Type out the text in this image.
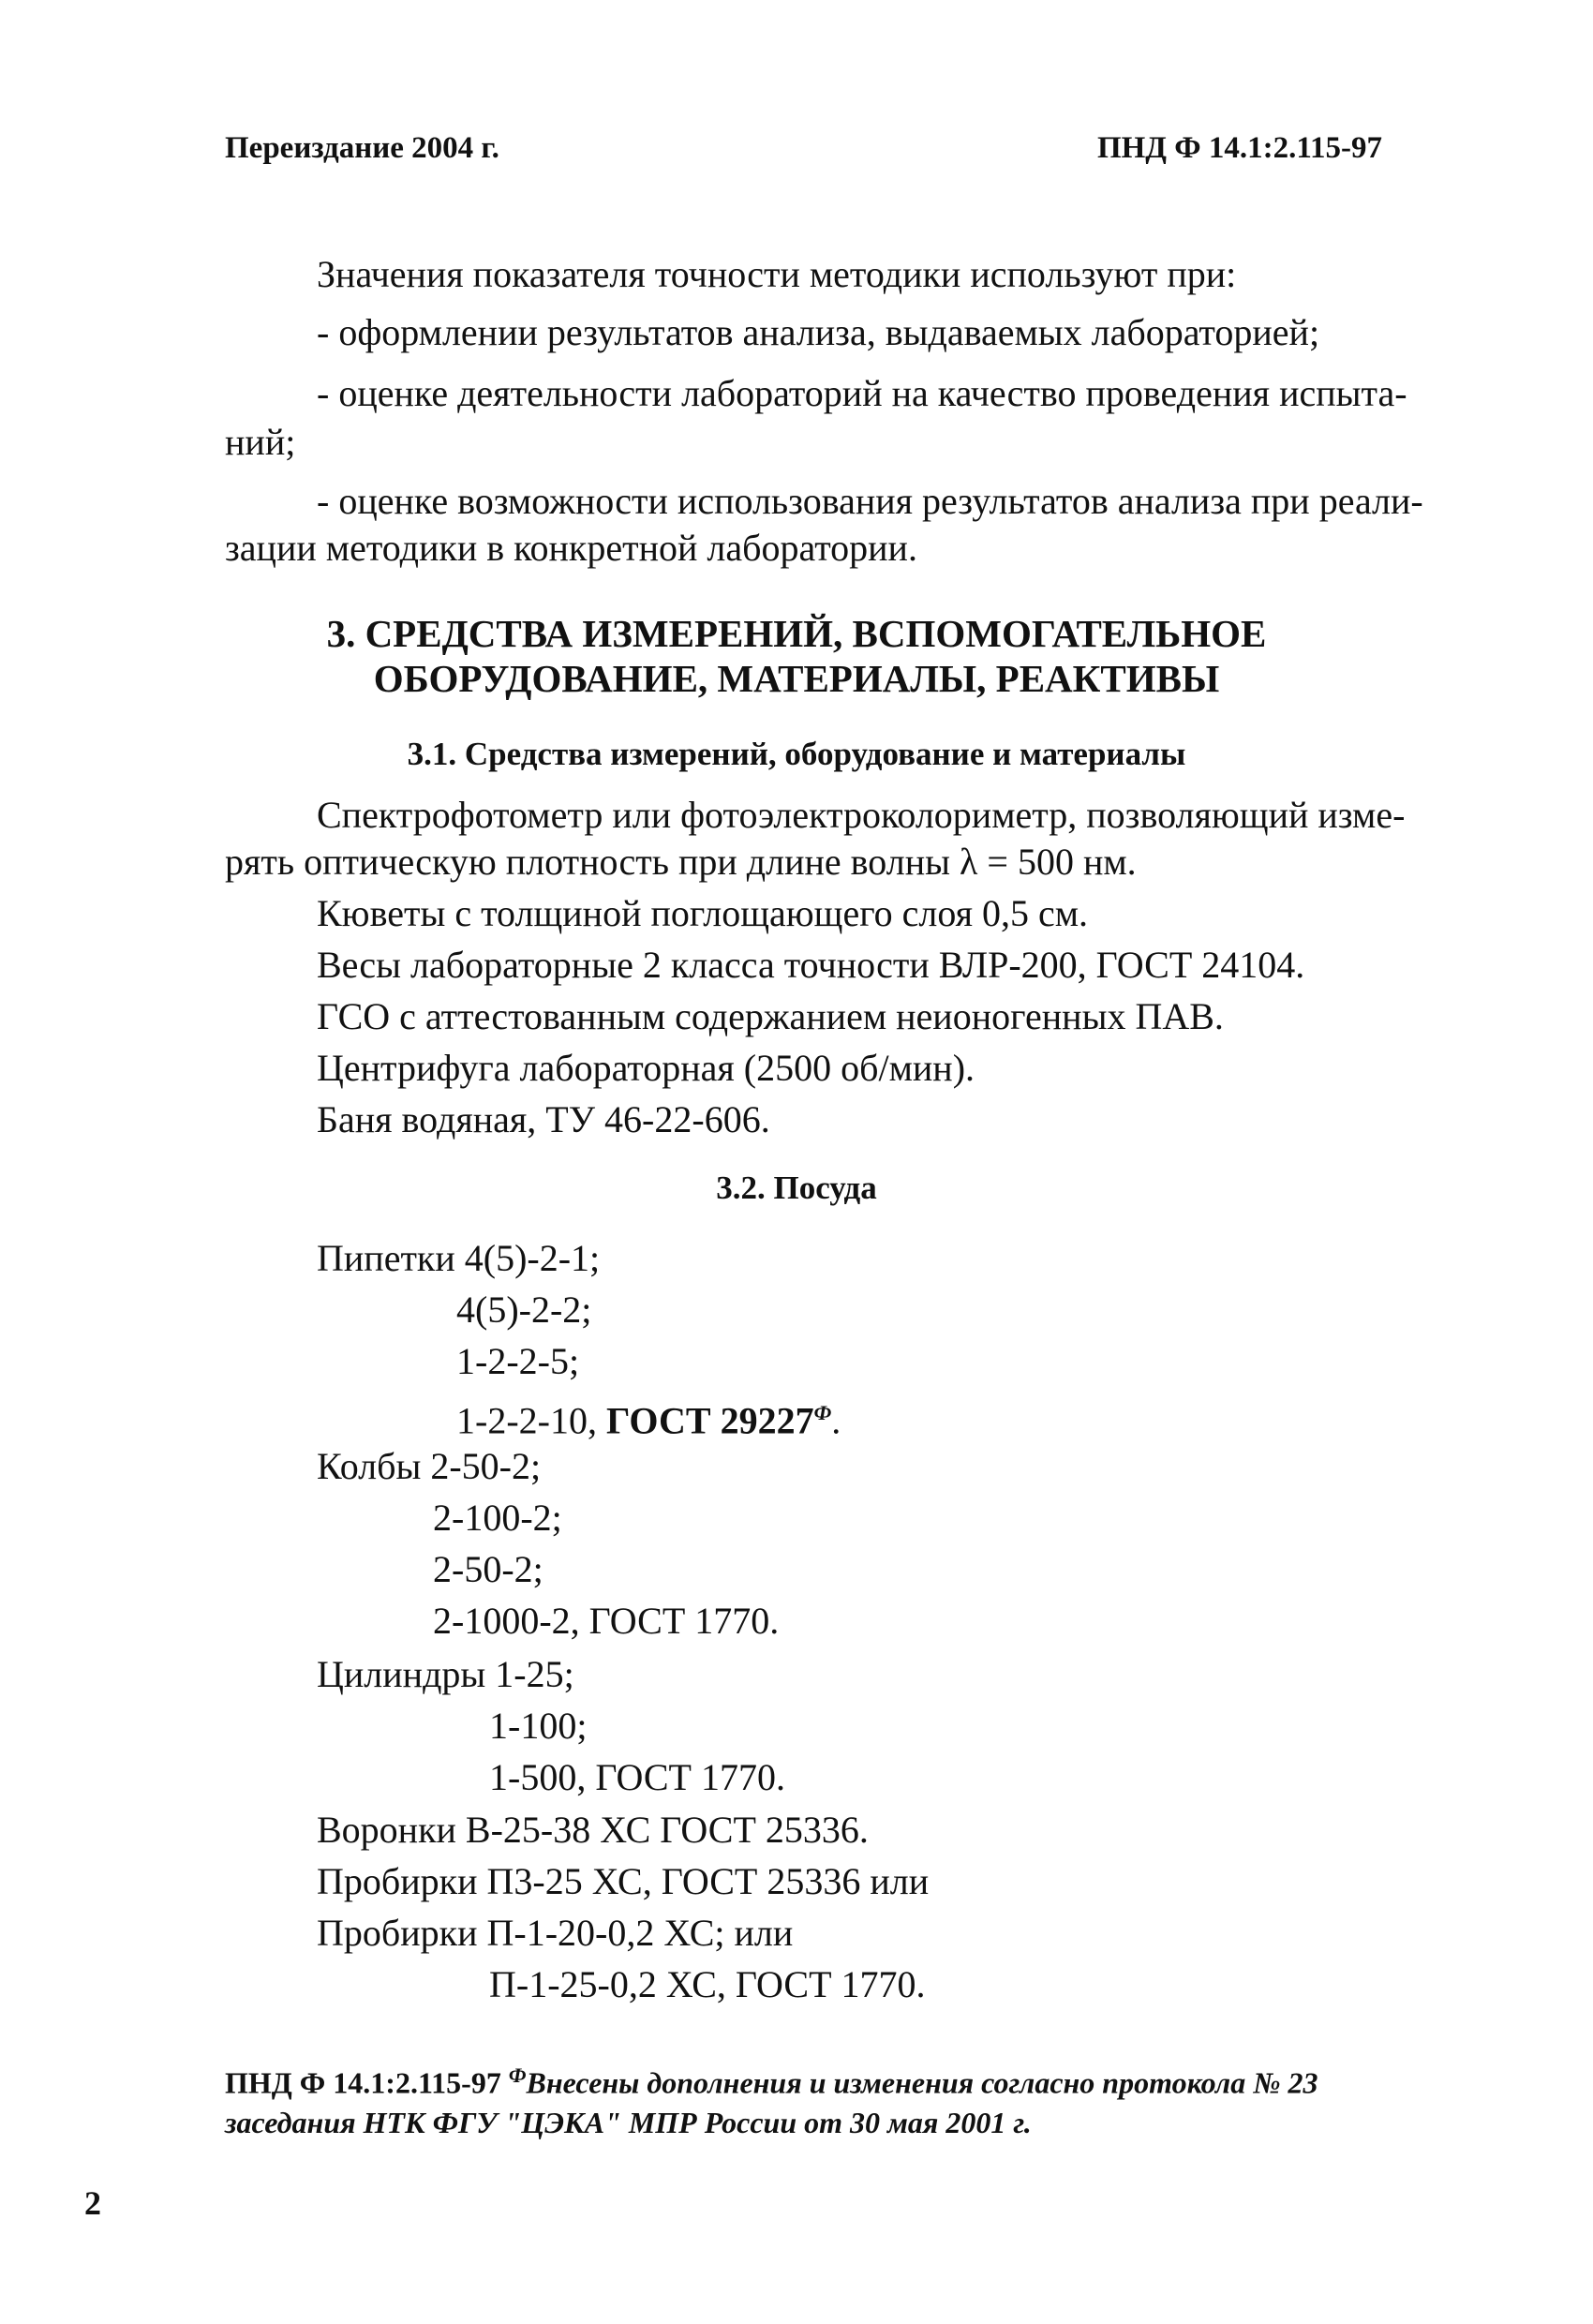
Переиздание 2004 г.	ПНД Ф 14.1:2.115-97
Значения показателя точности методики используют при:
- оформлении результатов анализа, выдаваемых лабораторией;
- оценке деятельности лабораторий на качество проведения испыта-
ний;
- оценке возможности использования результатов анализа при реали-
зации методики в конкретной лаборатории.
3. СРЕДСТВА ИЗМЕРЕНИЙ, ВСПОМОГАТЕЛЬНОЕ
ОБОРУДОВАНИЕ, МАТЕРИАЛЫ, РЕАКТИВЫ
3.1. Средства измерений, оборудование и материалы
Спектрофотометр или фотоэлектроколориметр, позволяющий изме-
рять оптическую плотность при длине волны λ = 500 нм.
Кюветы с толщиной поглощающего слоя 0,5 см.
Весы лабораторные 2 класса точности ВЛР-200, ГОСТ 24104.
ГСО с аттестованным содержанием неионогенных ПАВ.
Центрифуга лабораторная (2500 об/мин).
Баня водяная, ТУ 46-22-606.
3.2. Посуда
Пипетки 4(5)-2-1;
4(5)-2-2;
1-2-2-5;
1-2-2-10, ГОСТ $29227^Ф$.
Колбы 2-50-2;
2-100-2;
2-50-2;
2-1000-2, ГОСТ 1770.
Цилиндры 1-25;
1-100;
1-500, ГОСТ 1770.
Воронки В-25-38 ХС ГОСТ 25336.
Пробирки П3-25 ХС, ГОСТ 25336 или
Пробирки П-1-20-0,2 ХС; или
П-1-25-0,2 ХС, ГОСТ 1770.
ПНД Ф 14.1:2.115-97 $^Ф$Внесены дополнения и изменения согласно протокола № 23
заседания НТК ФГУ "ЦЭКА" МПР России от 30 мая 2001 г.
2
